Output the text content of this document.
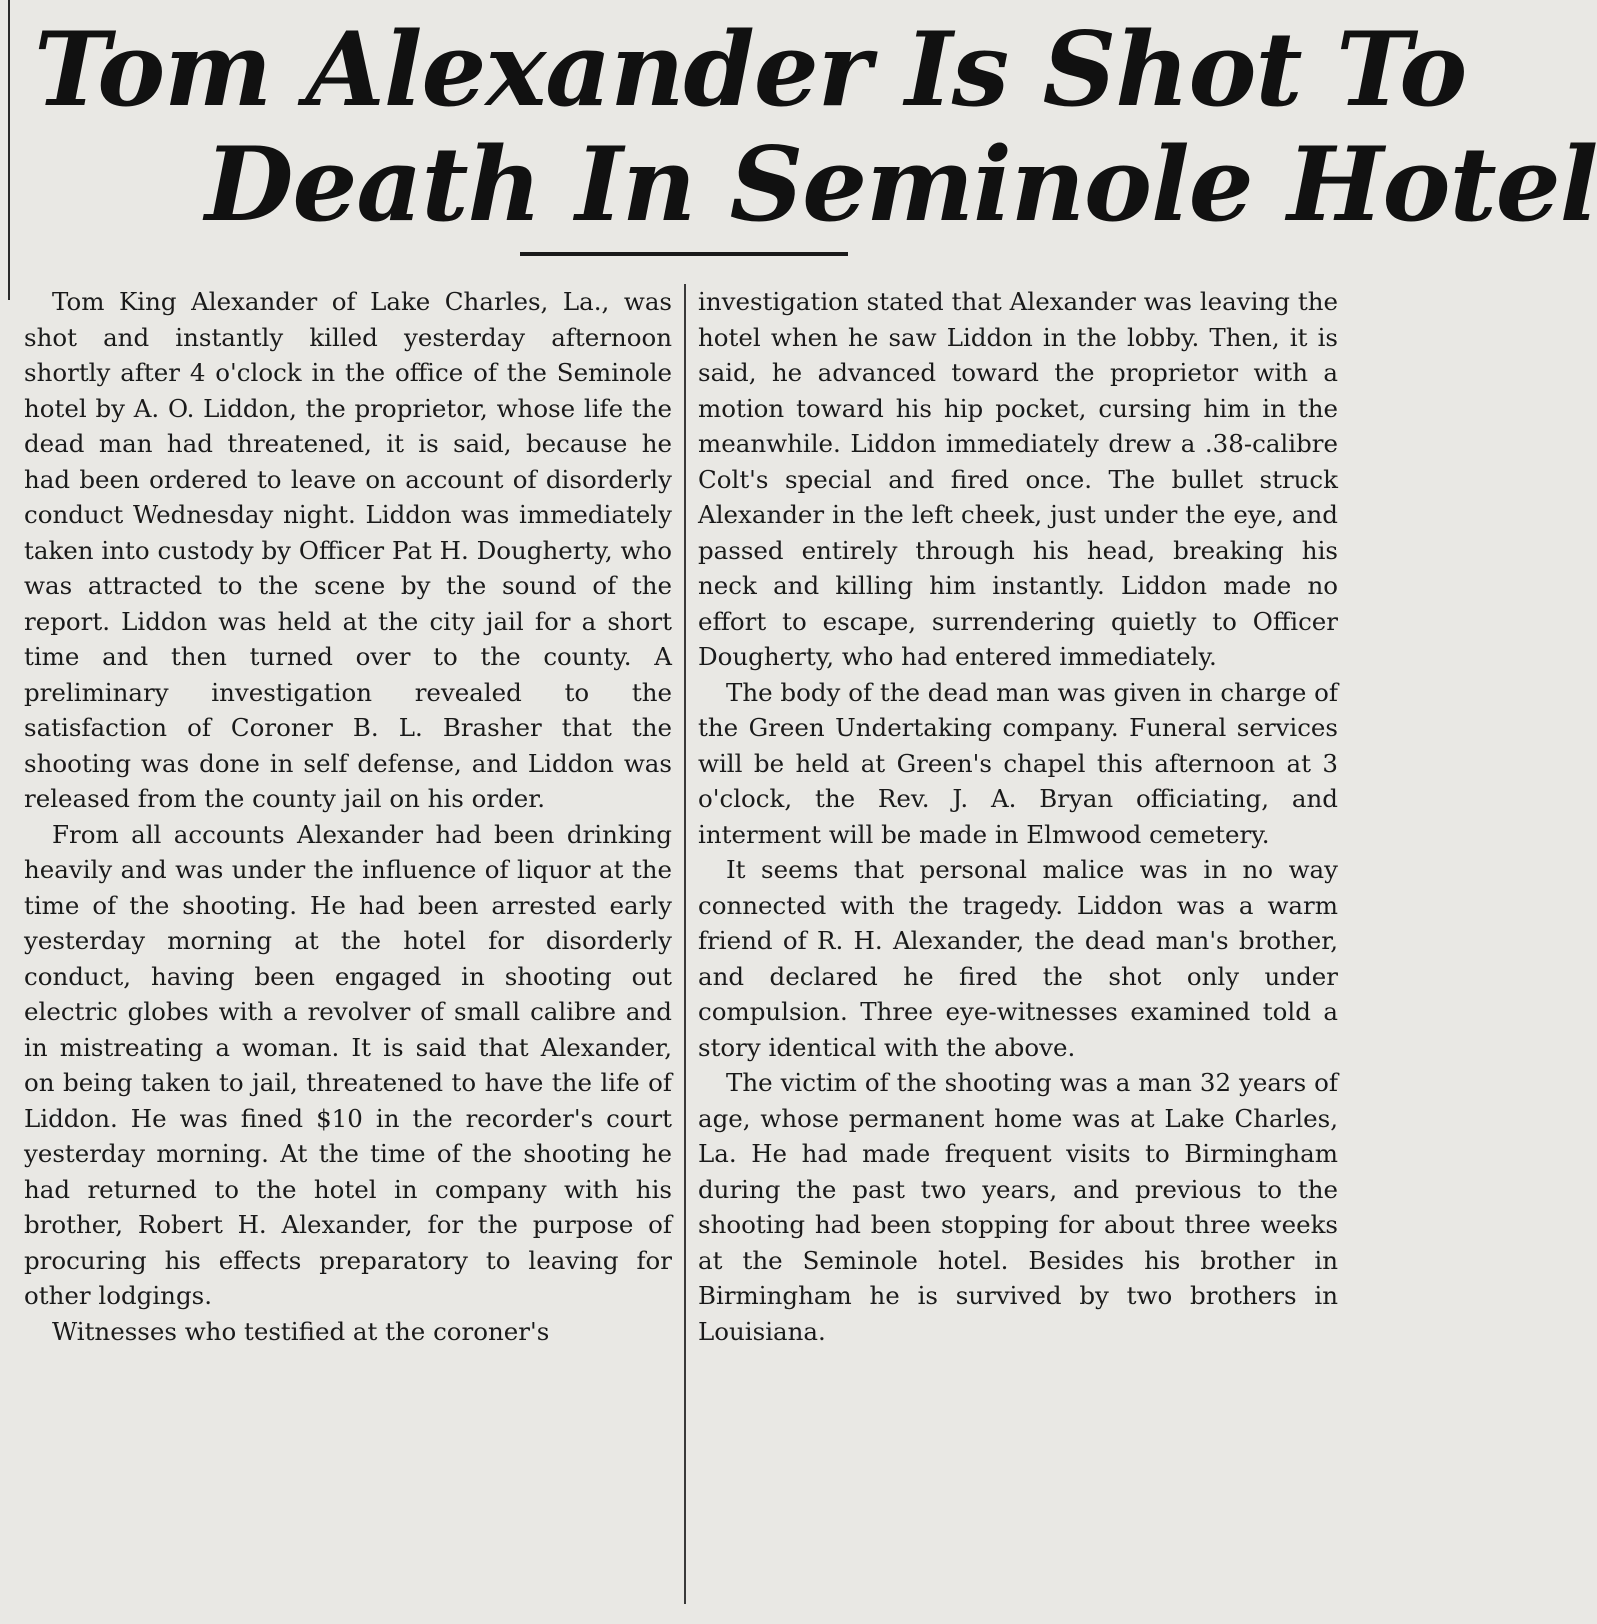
Tom Alexander Is Shot To
Death In Seminole Hotel

Tom King Alexander of Lake Charles, La., was shot and instantly killed yesterday afternoon shortly after 4 o'clock in the office of the Seminole hotel by A. O. Liddon, the proprietor, whose life the dead man had threatened, it is said, because he had been ordered to leave on account of disorderly conduct Wednesday night. Liddon was immediately taken into custody by Officer Pat H. Dougherty, who was attracted to the scene by the sound of the report. Liddon was held at the city jail for a short time and then turned over to the county. A preliminary investigation revealed to the satisfaction of Coroner B. L. Brasher that the shooting was done in self defense, and Liddon was released from the county jail on his order.

From all accounts Alexander had been drinking heavily and was under the influence of liquor at the time of the shooting. He had been arrested early yesterday morning at the hotel for disorderly conduct, having been engaged in shooting out electric globes with a revolver of small calibre and in mistreating a woman. It is said that Alexander, on being taken to jail, threatened to have the life of Liddon. He was fined $10 in the recorder's court yesterday morning. At the time of the shooting he had returned to the hotel in company with his brother, Robert H. Alexander, for the purpose of procuring his effects preparatory to leaving for other lodgings.

Witnesses who testified at the coroner's

investigation stated that Alexander was leaving the hotel when he saw Liddon in the lobby. Then, it is said, he advanced toward the proprietor with a motion toward his hip pocket, cursing him in the meanwhile. Liddon immediately drew a .38-calibre Colt's special and fired once. The bullet struck Alexander in the left cheek, just under the eye, and passed entirely through his head, breaking his neck and killing him instantly. Liddon made no effort to escape, surrendering quietly to Officer Dougherty, who had entered immediately.

The body of the dead man was given in charge of the Green Undertaking company. Funeral services will be held at Green's chapel this afternoon at 3 o'clock, the Rev. J. A. Bryan officiating, and interment will be made in Elmwood cemetery.

It seems that personal malice was in no way connected with the tragedy. Liddon was a warm friend of R. H. Alexander, the dead man's brother, and declared he fired the shot only under compulsion. Three eye-witnesses examined told a story identical with the above.

The victim of the shooting was a man 32 years of age, whose permanent home was at Lake Charles, La. He had made frequent visits to Birmingham during the past two years, and previous to the shooting had been stopping for about three weeks at the Seminole hotel. Besides his brother in Birmingham he is survived by two brothers in Louisiana.
